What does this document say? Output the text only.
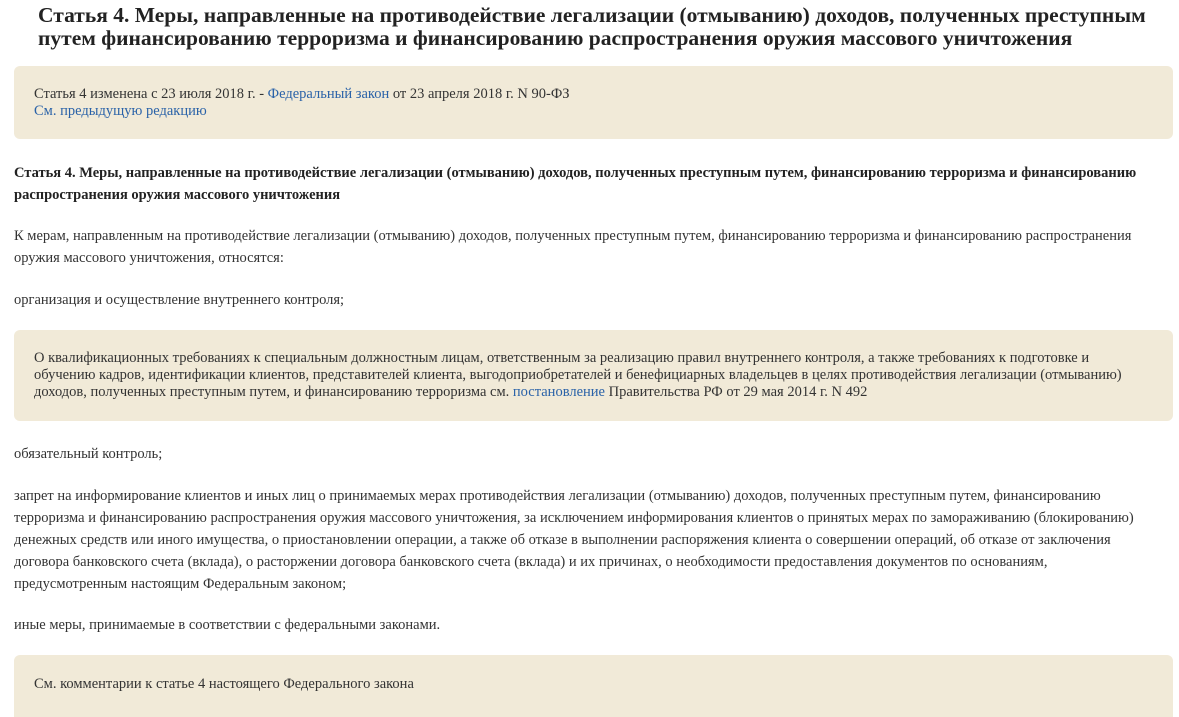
Статья 4. Меры, направленные на противодействие легализации (отмыванию) доходов, полученных преступным путем финансированию терроризма и финансированию распространения оружия массового уничтожения
Статья 4 изменена с 23 июля 2018 г. - Федеральный закон от 23 апреля 2018 г. N 90-ФЗ
См. предыдущую редакцию

Статья 4. Меры, направленные на противодействие легализации (отмыванию) доходов, полученных преступным путем, финансированию терроризма и финансированию распространения оружия массового уничтожения

К мерам, направленным на противодействие легализации (отмыванию) доходов, полученных преступным путем, финансированию терроризма и финансированию распространения оружия массового уничтожения, относятся:

организация и осуществление внутреннего контроля;

О квалификационных требованиях к специальным должностным лицам, ответственным за реализацию правил внутреннего контроля, а также требованиях к подготовке и обучению кадров, идентификации клиентов, представителей клиента, выгодоприобретателей и бенефициарных владельцев в целях противодействия легализации (отмыванию) доходов, полученных преступным путем, и финансированию терроризма см. постановление Правительства РФ от 29 мая 2014 г. N 492

обязательный контроль;

запрет на информирование клиентов и иных лиц о принимаемых мерах противодействия легализации (отмыванию) доходов, полученных преступным путем, финансированию терроризма и финансированию распространения оружия массового уничтожения, за исключением информирования клиентов о принятых мерах по замораживанию (блокированию) денежных средств или иного имущества, о приостановлении операции, а также об отказе в выполнении распоряжения клиента о совершении операций, об отказе от заключения договора банковского счета (вклада), о расторжении договора банковского счета (вклада) и их причинах, о необходимости предоставления документов по основаниям, предусмотренным настоящим Федеральным законом;

иные меры, принимаемые в соответствии с федеральными законами.

См. комментарии к статье 4 настоящего Федерального закона
